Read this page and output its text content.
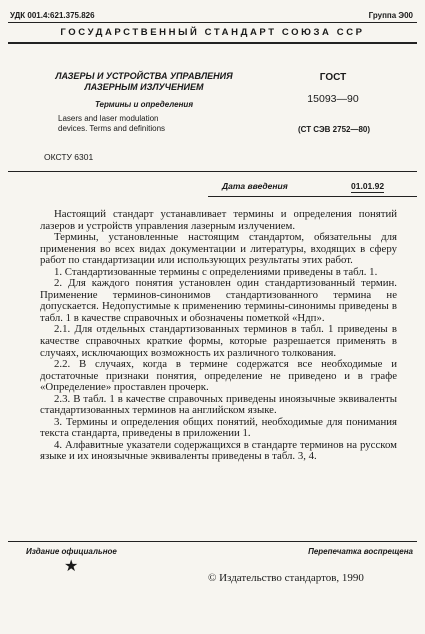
УДК 001.4:621.375.826	Группа Э00
ГОСУДАРСТВЕННЫЙ СТАНДАРТ СОЮЗА ССР
ЛАЗЕРЫ И УСТРОЙСТВА УПРАВЛЕНИЯ
ЛАЗЕРНЫМ ИЗЛУЧЕНИЕМ
Термины и определения
Lasers and laser modulation
devices. Terms and definitions
ГОСТ
15093—90
(СТ СЭВ 2752—80)
ОКСТУ 6301
Дата введения	01.01.92

Настоящий стандарт устанавливает термины и определения понятий лазеров и устройств управления лазерным излучением.

Термины, установленные настоящим стандартом, обязательны для применения во всех видах документации и литературы, входящих в сферу работ по стандартизации или использующих результаты этих работ.

1. Стандартизованные термины с определениями приведены в табл. 1.

2. Для каждого понятия установлен один стандартизованный термин. Применение терминов-синонимов стандартизованного термина не допускается. Недопустимые к применению термины-синонимы приведены в табл. 1 в качестве справочных и обозначены пометкой «Ндп».

2.1. Для отдельных стандартизованных терминов в табл. 1 приведены в качестве справочных краткие формы, которые разрешается применять в случаях, исключающих возможность их различного толкования.

2.2. В случаях, когда в термине содержатся все необходимые и достаточные признаки понятия, определение не приведено и в графе «Определение» проставлен прочерк.

2.3. В табл. 1 в качестве справочных приведены иноязычные эквиваленты стандартизованных терминов на английском языке.

3. Термины и определения общих понятий, необходимые для понимания текста стандарта, приведены в приложении 1.

4. Алфавитные указатели содержащихся в стандарте терминов на русском языке и их иноязычные эквиваленты приведены в табл. 3, 4.

Издание официальное	Перепечатка воспрещена
★
© Издательство стандартов, 1990
